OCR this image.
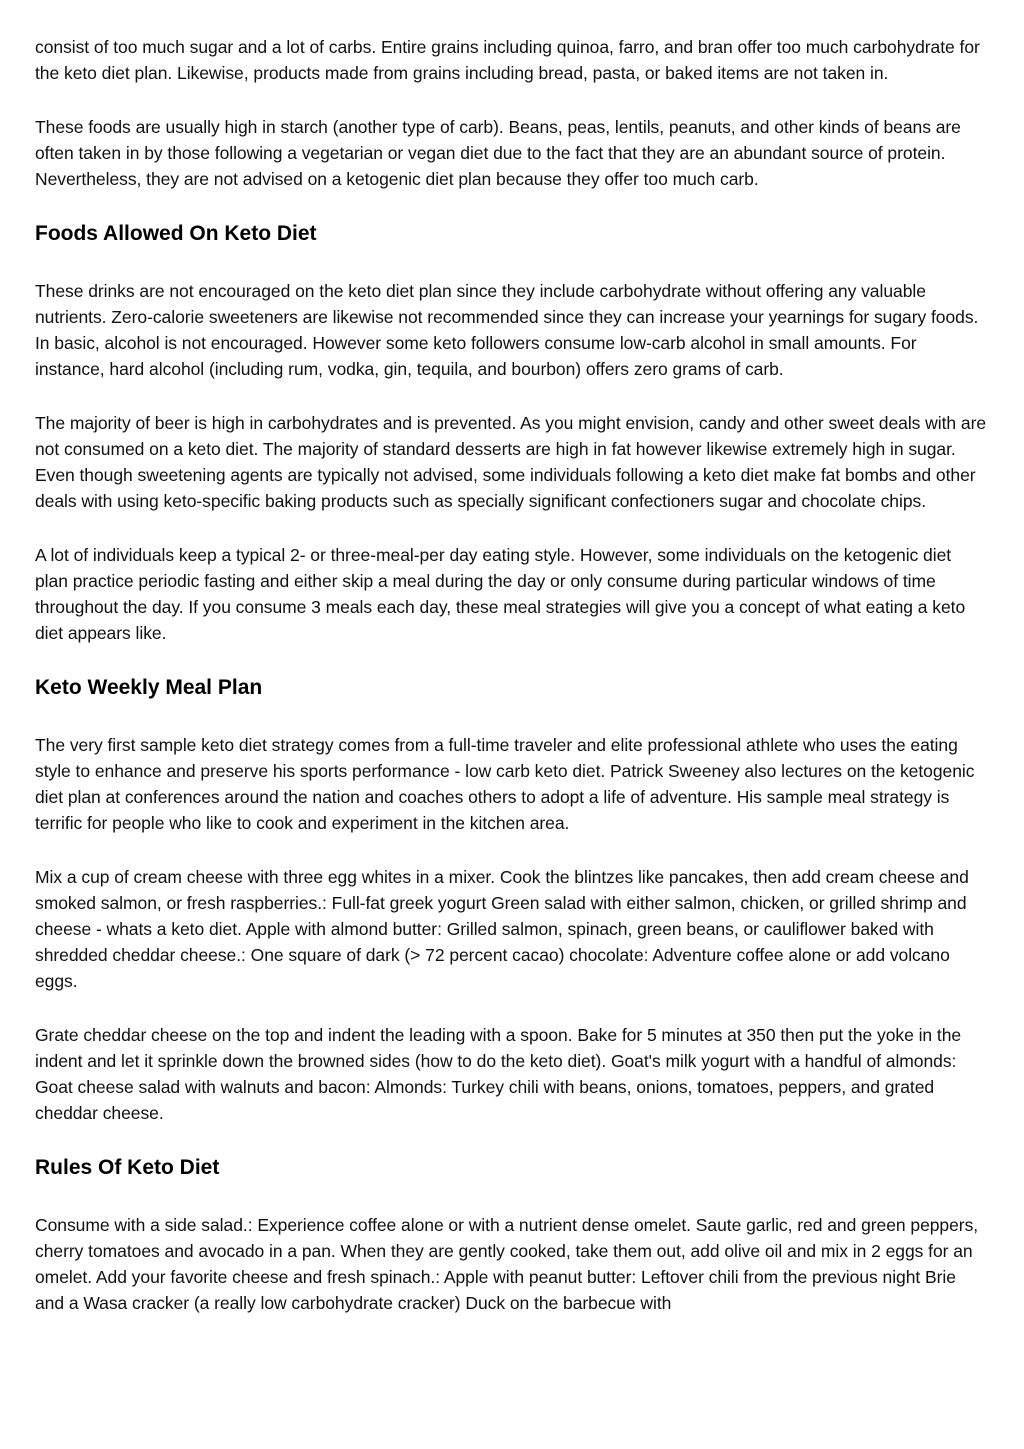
consist of too much sugar and a lot of carbs. Entire grains including quinoa, farro, and bran offer too much carbohydrate for the keto diet plan. Likewise, products made from grains including bread, pasta, or baked items are not taken in.

These foods are usually high in starch (another type of carb). Beans, peas, lentils, peanuts, and other kinds of beans are often taken in by those following a vegetarian or vegan diet due to the fact that they are an abundant source of protein. Nevertheless, they are not advised on a ketogenic diet plan because they offer too much carb.

Foods Allowed On Keto Diet

These drinks are not encouraged on the keto diet plan since they include carbohydrate without offering any valuable nutrients. Zero-calorie sweeteners are likewise not recommended since they can increase your yearnings for sugary foods. In basic, alcohol is not encouraged. However some keto followers consume low-carb alcohol in small amounts. For instance, hard alcohol (including rum, vodka, gin, tequila, and bourbon) offers zero grams of carb.

The majority of beer is high in carbohydrates and is prevented. As you might envision, candy and other sweet deals with are not consumed on a keto diet. The majority of standard desserts are high in fat however likewise extremely high in sugar. Even though sweetening agents are typically not advised, some individuals following a keto diet make fat bombs and other deals with using keto-specific baking products such as specially significant confectioners sugar and chocolate chips.

A lot of individuals keep a typical 2- or three-meal-per day eating style. However, some individuals on the ketogenic diet plan practice periodic fasting and either skip a meal during the day or only consume during particular windows of time throughout the day. If you consume 3 meals each day, these meal strategies will give you a concept of what eating a keto diet appears like.

Keto Weekly Meal Plan

The very first sample keto diet strategy comes from a full-time traveler and elite professional athlete who uses the eating style to enhance and preserve his sports performance - low carb keto diet. Patrick Sweeney also lectures on the ketogenic diet plan at conferences around the nation and coaches others to adopt a life of adventure. His sample meal strategy is terrific for people who like to cook and experiment in the kitchen area.

Mix a cup of cream cheese with three egg whites in a mixer. Cook the blintzes like pancakes, then add cream cheese and smoked salmon, or fresh raspberries.: Full-fat greek yogurt Green salad with either salmon, chicken, or grilled shrimp and cheese - whats a keto diet. Apple with almond butter: Grilled salmon, spinach, green beans, or cauliflower baked with shredded cheddar cheese.: One square of dark (> 72 percent cacao) chocolate: Adventure coffee alone or add volcano eggs.

Grate cheddar cheese on the top and indent the leading with a spoon. Bake for 5 minutes at 350 then put the yoke in the indent and let it sprinkle down the browned sides (how to do the keto diet). Goat's milk yogurt with a handful of almonds: Goat cheese salad with walnuts and bacon: Almonds: Turkey chili with beans, onions, tomatoes, peppers, and grated cheddar cheese.

Rules Of Keto Diet

Consume with a side salad.: Experience coffee alone or with a nutrient dense omelet. Saute garlic, red and green peppers, cherry tomatoes and avocado in a pan. When they are gently cooked, take them out, add olive oil and mix in 2 eggs for an omelet. Add your favorite cheese and fresh spinach.: Apple with peanut butter: Leftover chili from the previous night Brie and a Wasa cracker (a really low carbohydrate cracker) Duck on the barbecue with
